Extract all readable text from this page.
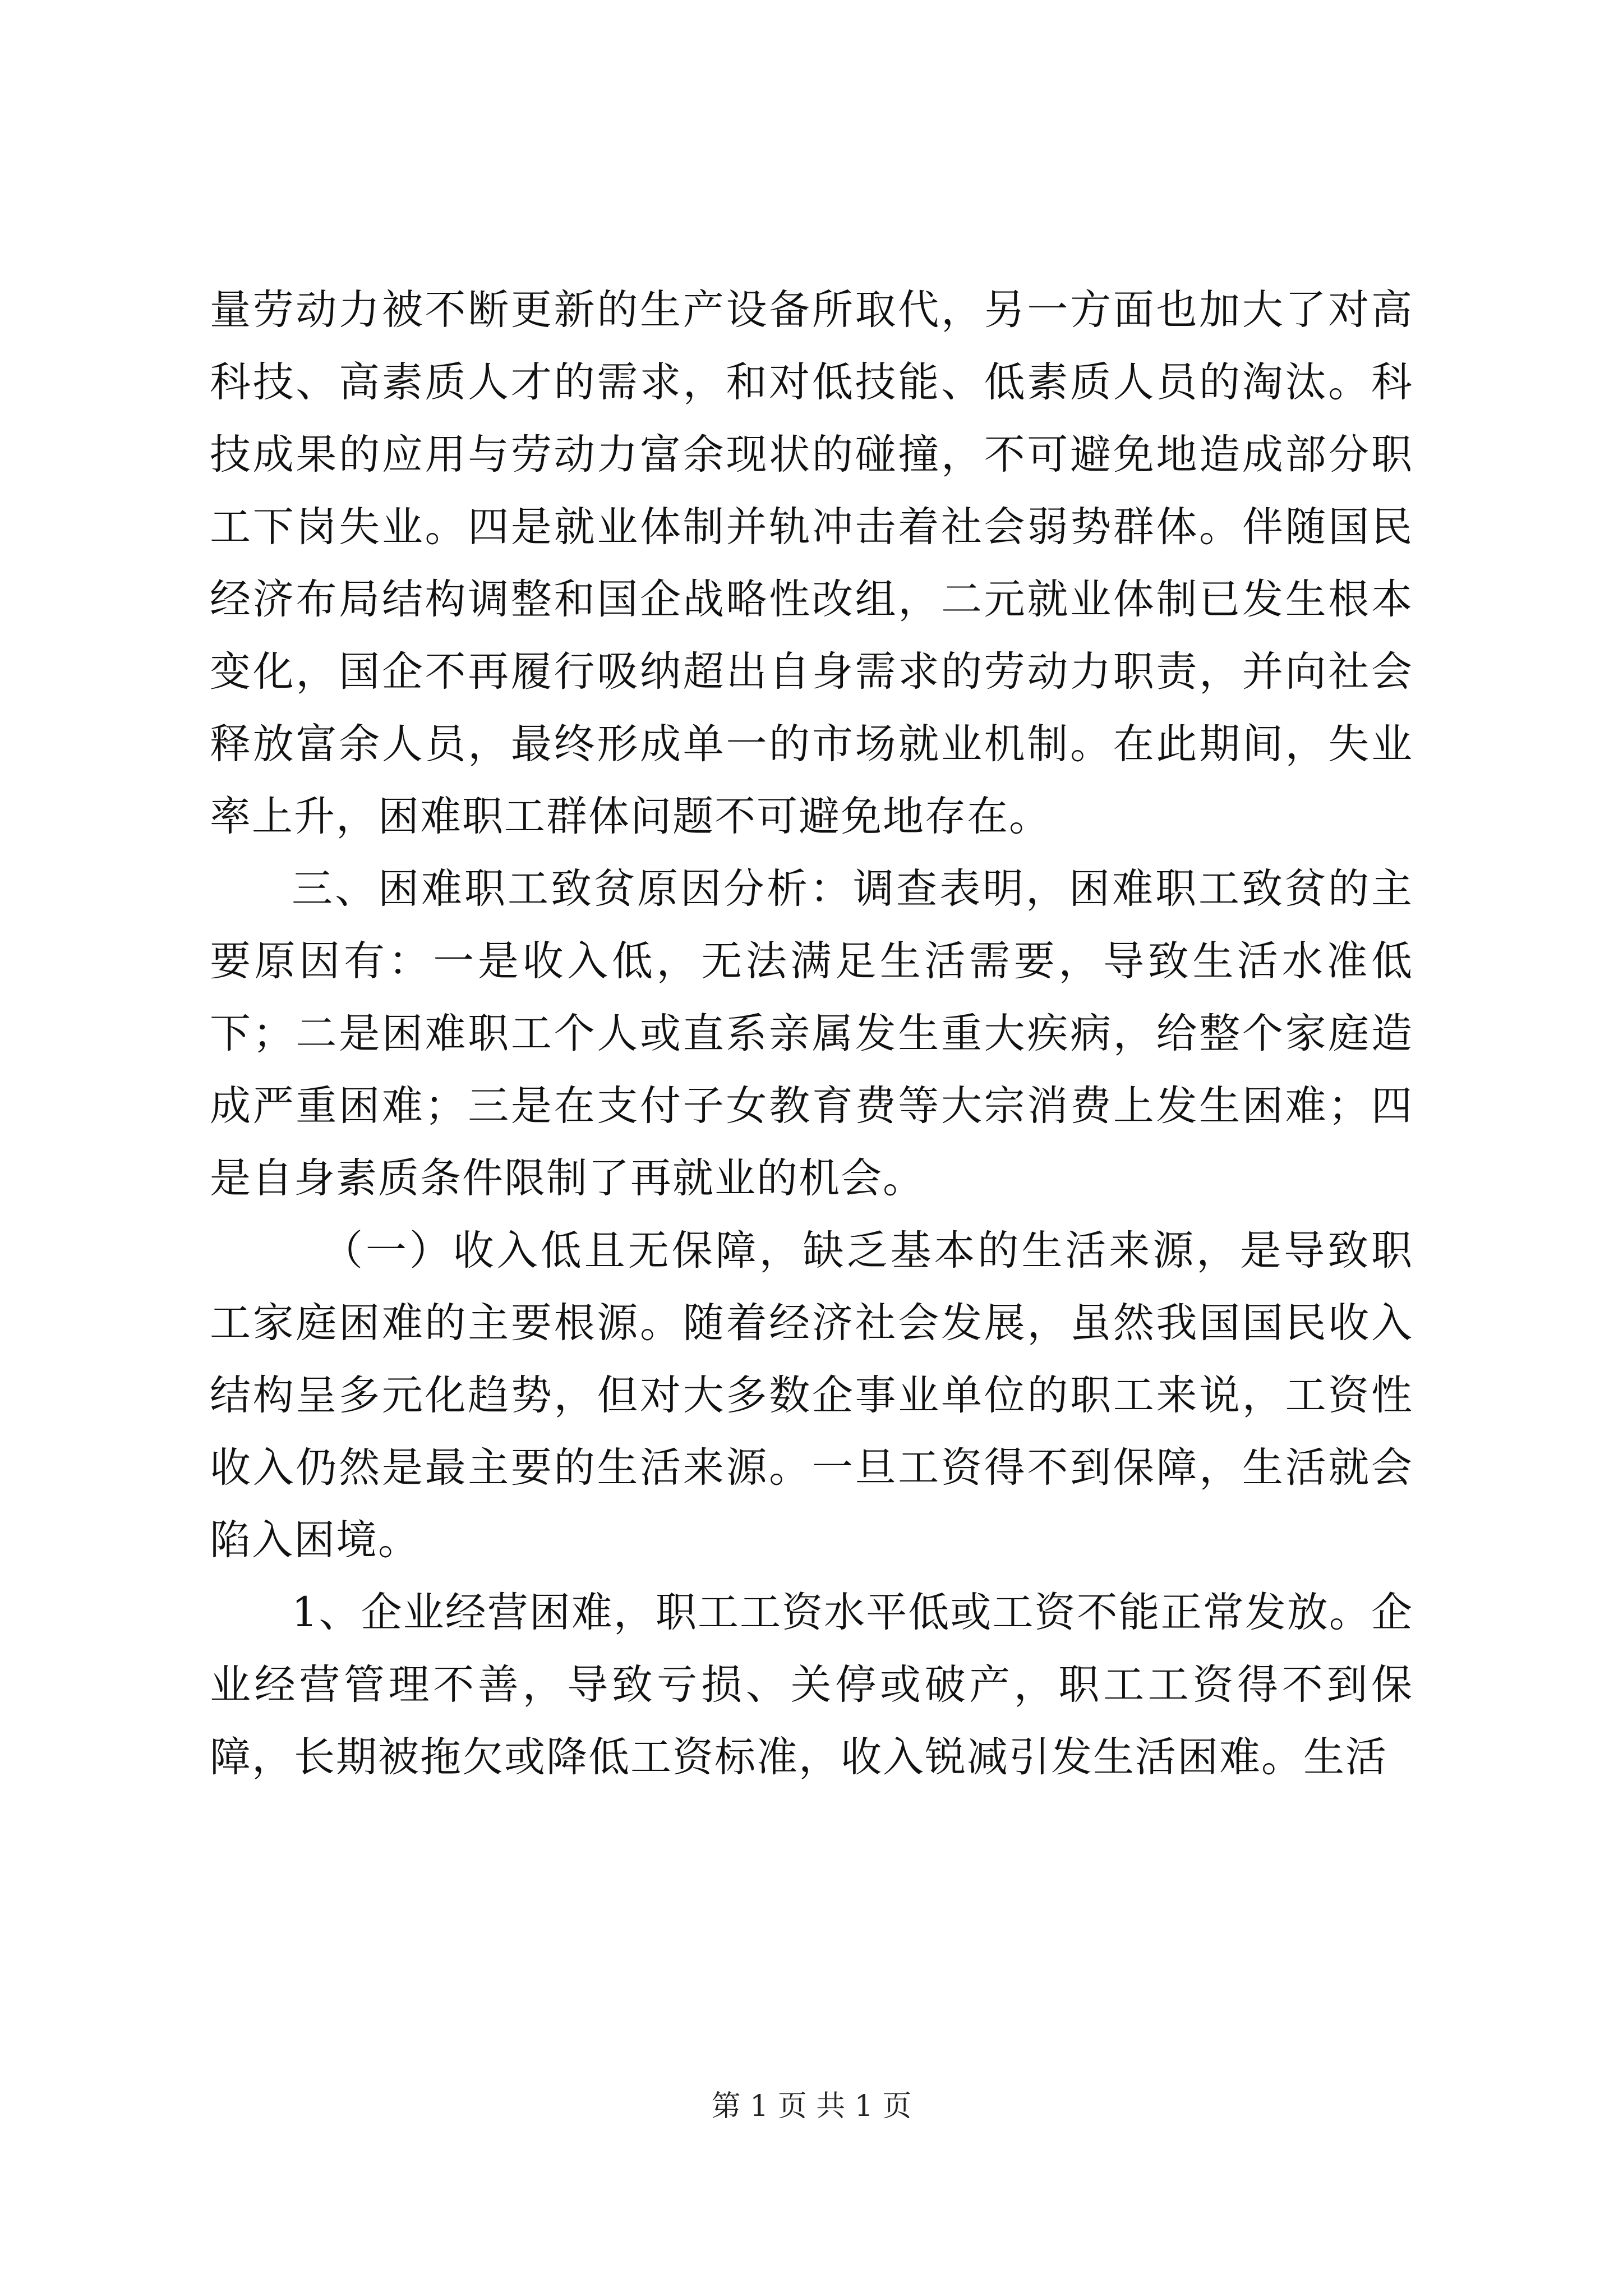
量劳动力被不断更新的生产设备所取代，另一方面也加大了对高科技、高素质人才的需求，和对低技能、低素质人员的淘汰。科技成果的应用与劳动力富余现状的碰撞，不可避免地造成部分职工下岗失业。四是就业体制并轨冲击着社会弱势群体。伴随国民经济布局结构调整和国企战略性改组，二元就业体制已发生根本变化，国企不再履行吸纳超出自身需求的劳动力职责，并向社会释放富余人员，最终形成单一的市场就业机制。在此期间，失业率上升，困难职工群体问题不可避免地存在。

三、困难职工致贫原因分析：调查表明，困难职工致贫的主要原因有：一是收入低，无法满足生活需要，导致生活水准低下；二是困难职工个人或直系亲属发生重大疾病，给整个家庭造成严重困难；三是在支付子女教育费等大宗消费上发生困难；四是自身素质条件限制了再就业的机会。

（一）收入低且无保障，缺乏基本的生活来源，是导致职工家庭困难的主要根源。随着经济社会发展，虽然我国国民收入结构呈多元化趋势，但对大多数企事业单位的职工来说，工资性收入仍然是最主要的生活来源。一旦工资得不到保障，生活就会陷入困境。

1、企业经营困难，职工工资水平低或工资不能正常发放。企业经营管理不善，导致亏损、关停或破产，职工工资得不到保障，长期被拖欠或降低工资标准，收入锐减引发生活困难。生活

第 1 页 共 1 页
